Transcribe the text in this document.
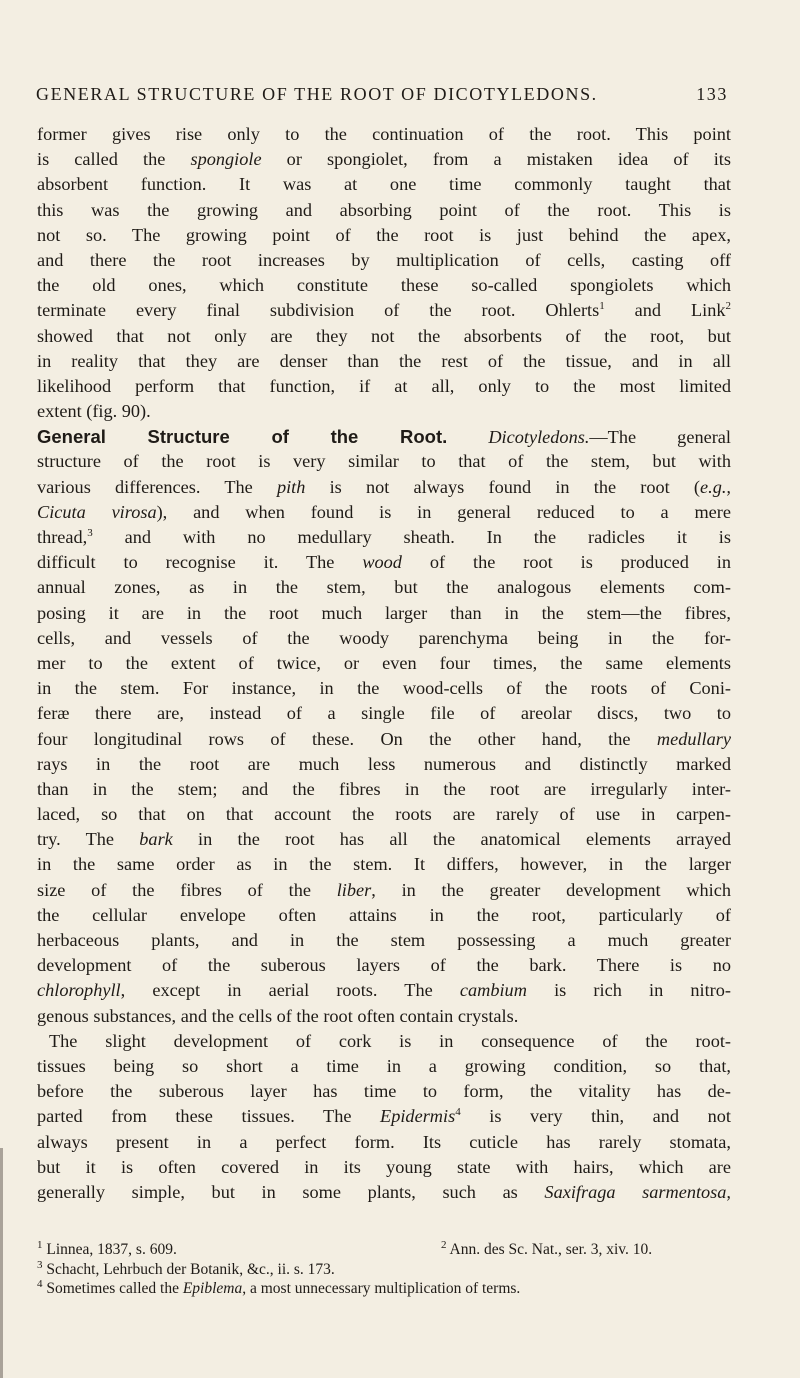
GENERAL STRUCTURE OF THE ROOT OF DICOTYLEDONS.	133
former gives rise only to the continuation of the root. This point
is called the spongiole or spongiolet, from a mistaken idea of its
absorbent function. It was at one time commonly taught that
this was the growing and absorbing point of the root. This is
not so. The growing point of the root is just behind the apex,
and there the root increases by multiplication of cells, casting off
the old ones, which constitute these so-called spongiolets which
terminate every final subdivision of the root. Ohlerts$^1$ and Link$^2$
showed that not only are they not the absorbents of the root, but
in reality that they are denser than the rest of the tissue, and in all
likelihood perform that function, if at all, only to the most limited
extent (fig. 90).
General Structure of the Root. Dicotyledons.—The general
structure of the root is very similar to that of the stem, but with
various differences. The pith is not always found in the root (e.g.,
Cicuta virosa), and when found is in general reduced to a mere
thread,$^3$ and with no medullary sheath. In the radicles it is
difficult to recognise it. The wood of the root is produced in
annual zones, as in the stem, but the analogous elements com-
posing it are in the root much larger than in the stem—the fibres,
cells, and vessels of the woody parenchyma being in the for-
mer to the extent of twice, or even four times, the same elements
in the stem. For instance, in the wood-cells of the roots of Coni-
feræ there are, instead of a single file of areolar discs, two to
four longitudinal rows of these. On the other hand, the medullary
rays in the root are much less numerous and distinctly marked
than in the stem; and the fibres in the root are irregularly inter-
laced, so that on that account the roots are rarely of use in carpen-
try. The bark in the root has all the anatomical elements arrayed
in the same order as in the stem. It differs, however, in the larger
size of the fibres of the liber, in the greater development which
the cellular envelope often attains in the root, particularly of
herbaceous plants, and in the stem possessing a much greater
development of the suberous layers of the bark. There is no
chlorophyll, except in aerial roots. The cambium is rich in nitro-
genous substances, and the cells of the root often contain crystals.
The slight development of cork is in consequence of the root-
tissues being so short a time in a growing condition, so that,
before the suberous layer has time to form, the vitality has de-
parted from these tissues. The Epidermis$^4$ is very thin, and not
always present in a perfect form. Its cuticle has rarely stomata,
but it is often covered in its young state with hairs, which are
generally simple, but in some plants, such as Saxifraga sarmentosa,
$^1$ Linnea, 1837, s. 609.	$^2$ Ann. des Sc. Nat., ser. 3, xiv. 10.
$^3$ Schacht, Lehrbuch der Botanik, &c., ii. s. 173.
$^4$ Sometimes called the Epiblema, a most unnecessary multiplication of terms.
